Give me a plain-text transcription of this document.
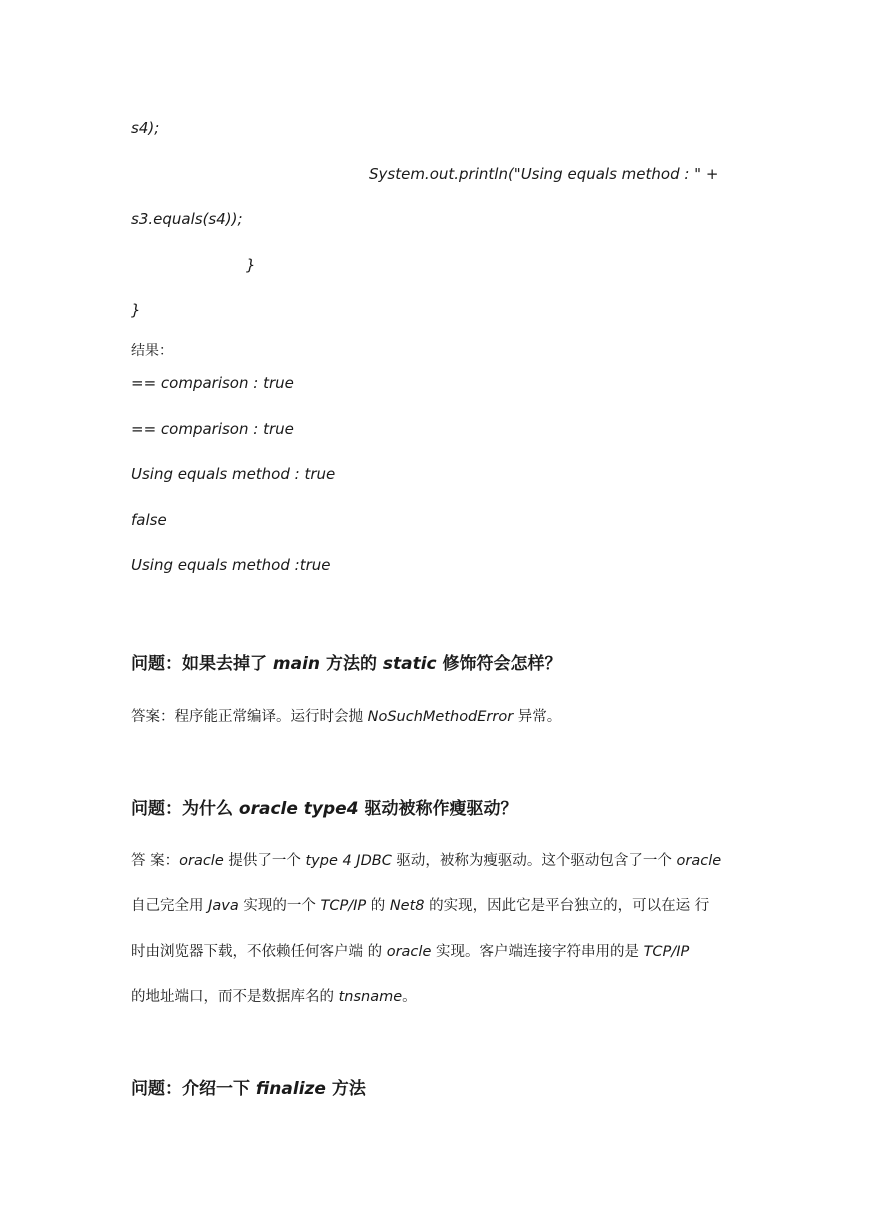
s4);
System.out.println("Using equals method : " +
s3.equals(s4));
}
}
结果：
== comparison : true
== comparison : true
Using equals method : true
false
Using equals method :true
问题：如果去掉了 main 方法的 static 修饰符会怎样？
答案：程序能正常编译。运行时会抛 NoSuchMethodError 异常。
问题：为什么 oracle type4 驱动被称作瘦驱动？
答 案：oracle 提供了一个 type 4 JDBC 驱动，被称为瘦驱动。这个驱动包含了一个 oracle
自己完全用 Java 实现的一个 TCP/IP 的 Net8 的实现，因此它是平台独立的，可以在运 行
时由浏览器下载，不依赖任何客户端 的 oracle 实现。客户端连接字符串用的是 TCP/IP
的地址端口，而不是数据库名的 tnsname。
问题：介绍一下 finalize 方法
